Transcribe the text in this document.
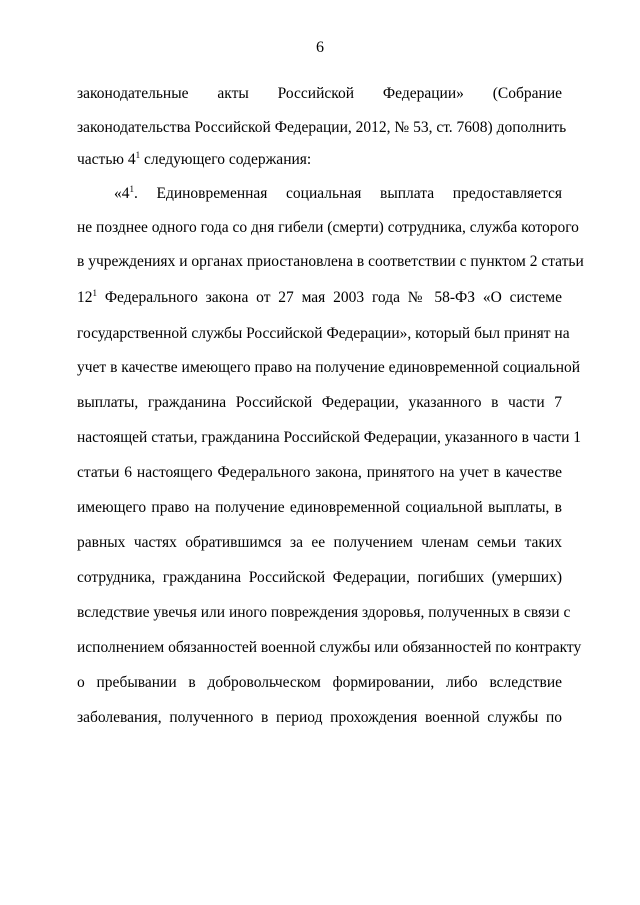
6
законодательные акты Российской Федерации» (Собрание
законодательства Российской Федерации, 2012, № 53, ст. 7608) дополнить
частью $4^1$ следующего содержания:
«$4^1$. Единовременная социальная выплата предоставляется
не позднее одного года со дня гибели (смерти) сотрудника, служба которого
в учреждениях и органах приостановлена в соответствии с пунктом 2 статьи
$12^1$ Федерального закона от 27 мая 2003 года № 58-ФЗ «О системе
государственной службы Российской Федерации», который был принят на
учет в качестве имеющего право на получение единовременной социальной
выплаты, гражданина Российской Федерации, указанного в части 7
настоящей статьи, гражданина Российской Федерации, указанного в части 1
статьи 6 настоящего Федерального закона, принятого на учет в качестве
имеющего право на получение единовременной социальной выплаты, в
равных частях обратившимся за ее получением членам семьи таких
сотрудника, гражданина Российской Федерации, погибших (умерших)
вследствие увечья или иного повреждения здоровья, полученных в связи с
исполнением обязанностей военной службы или обязанностей по контракту
о пребывании в добровольческом формировании, либо вследствие
заболевания, полученного в период прохождения военной службы по
